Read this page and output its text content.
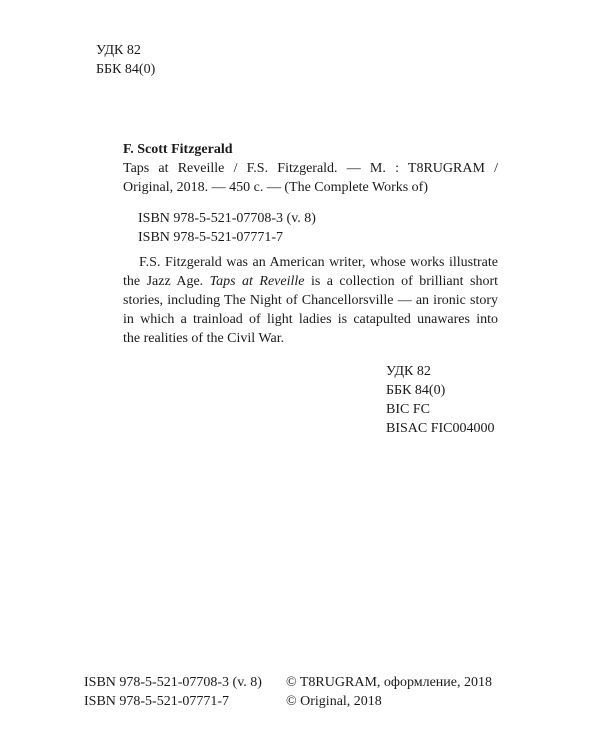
УДК 82
ББК 84(0)
F. Scott Fitzgerald
Taps at Reveille / F.S. Fitzgerald. — M. : T8RUGRAM /
Original, 2018. — 450 c. — (The Complete Works of)
ISBN 978-5-521-07708-3 (v. 8)
ISBN 978-5-521-07771-7
F.S. Fitzgerald was an American writer, whose works illustrate
the Jazz Age. Taps at Reveille is a collection of brilliant short
stories, including The Night of Chancellorsville — an ironic story
in which a trainload of light ladies is catapulted unawares into
the realities of the Civil War.
УДК 82
ББК 84(0)
BIC FC
BISAC FIC004000
ISBN 978-5-521-07708-3 (v. 8)
ISBN 978-5-521-07771-7
© T8RUGRAM, оформление, 2018
© Original, 2018
